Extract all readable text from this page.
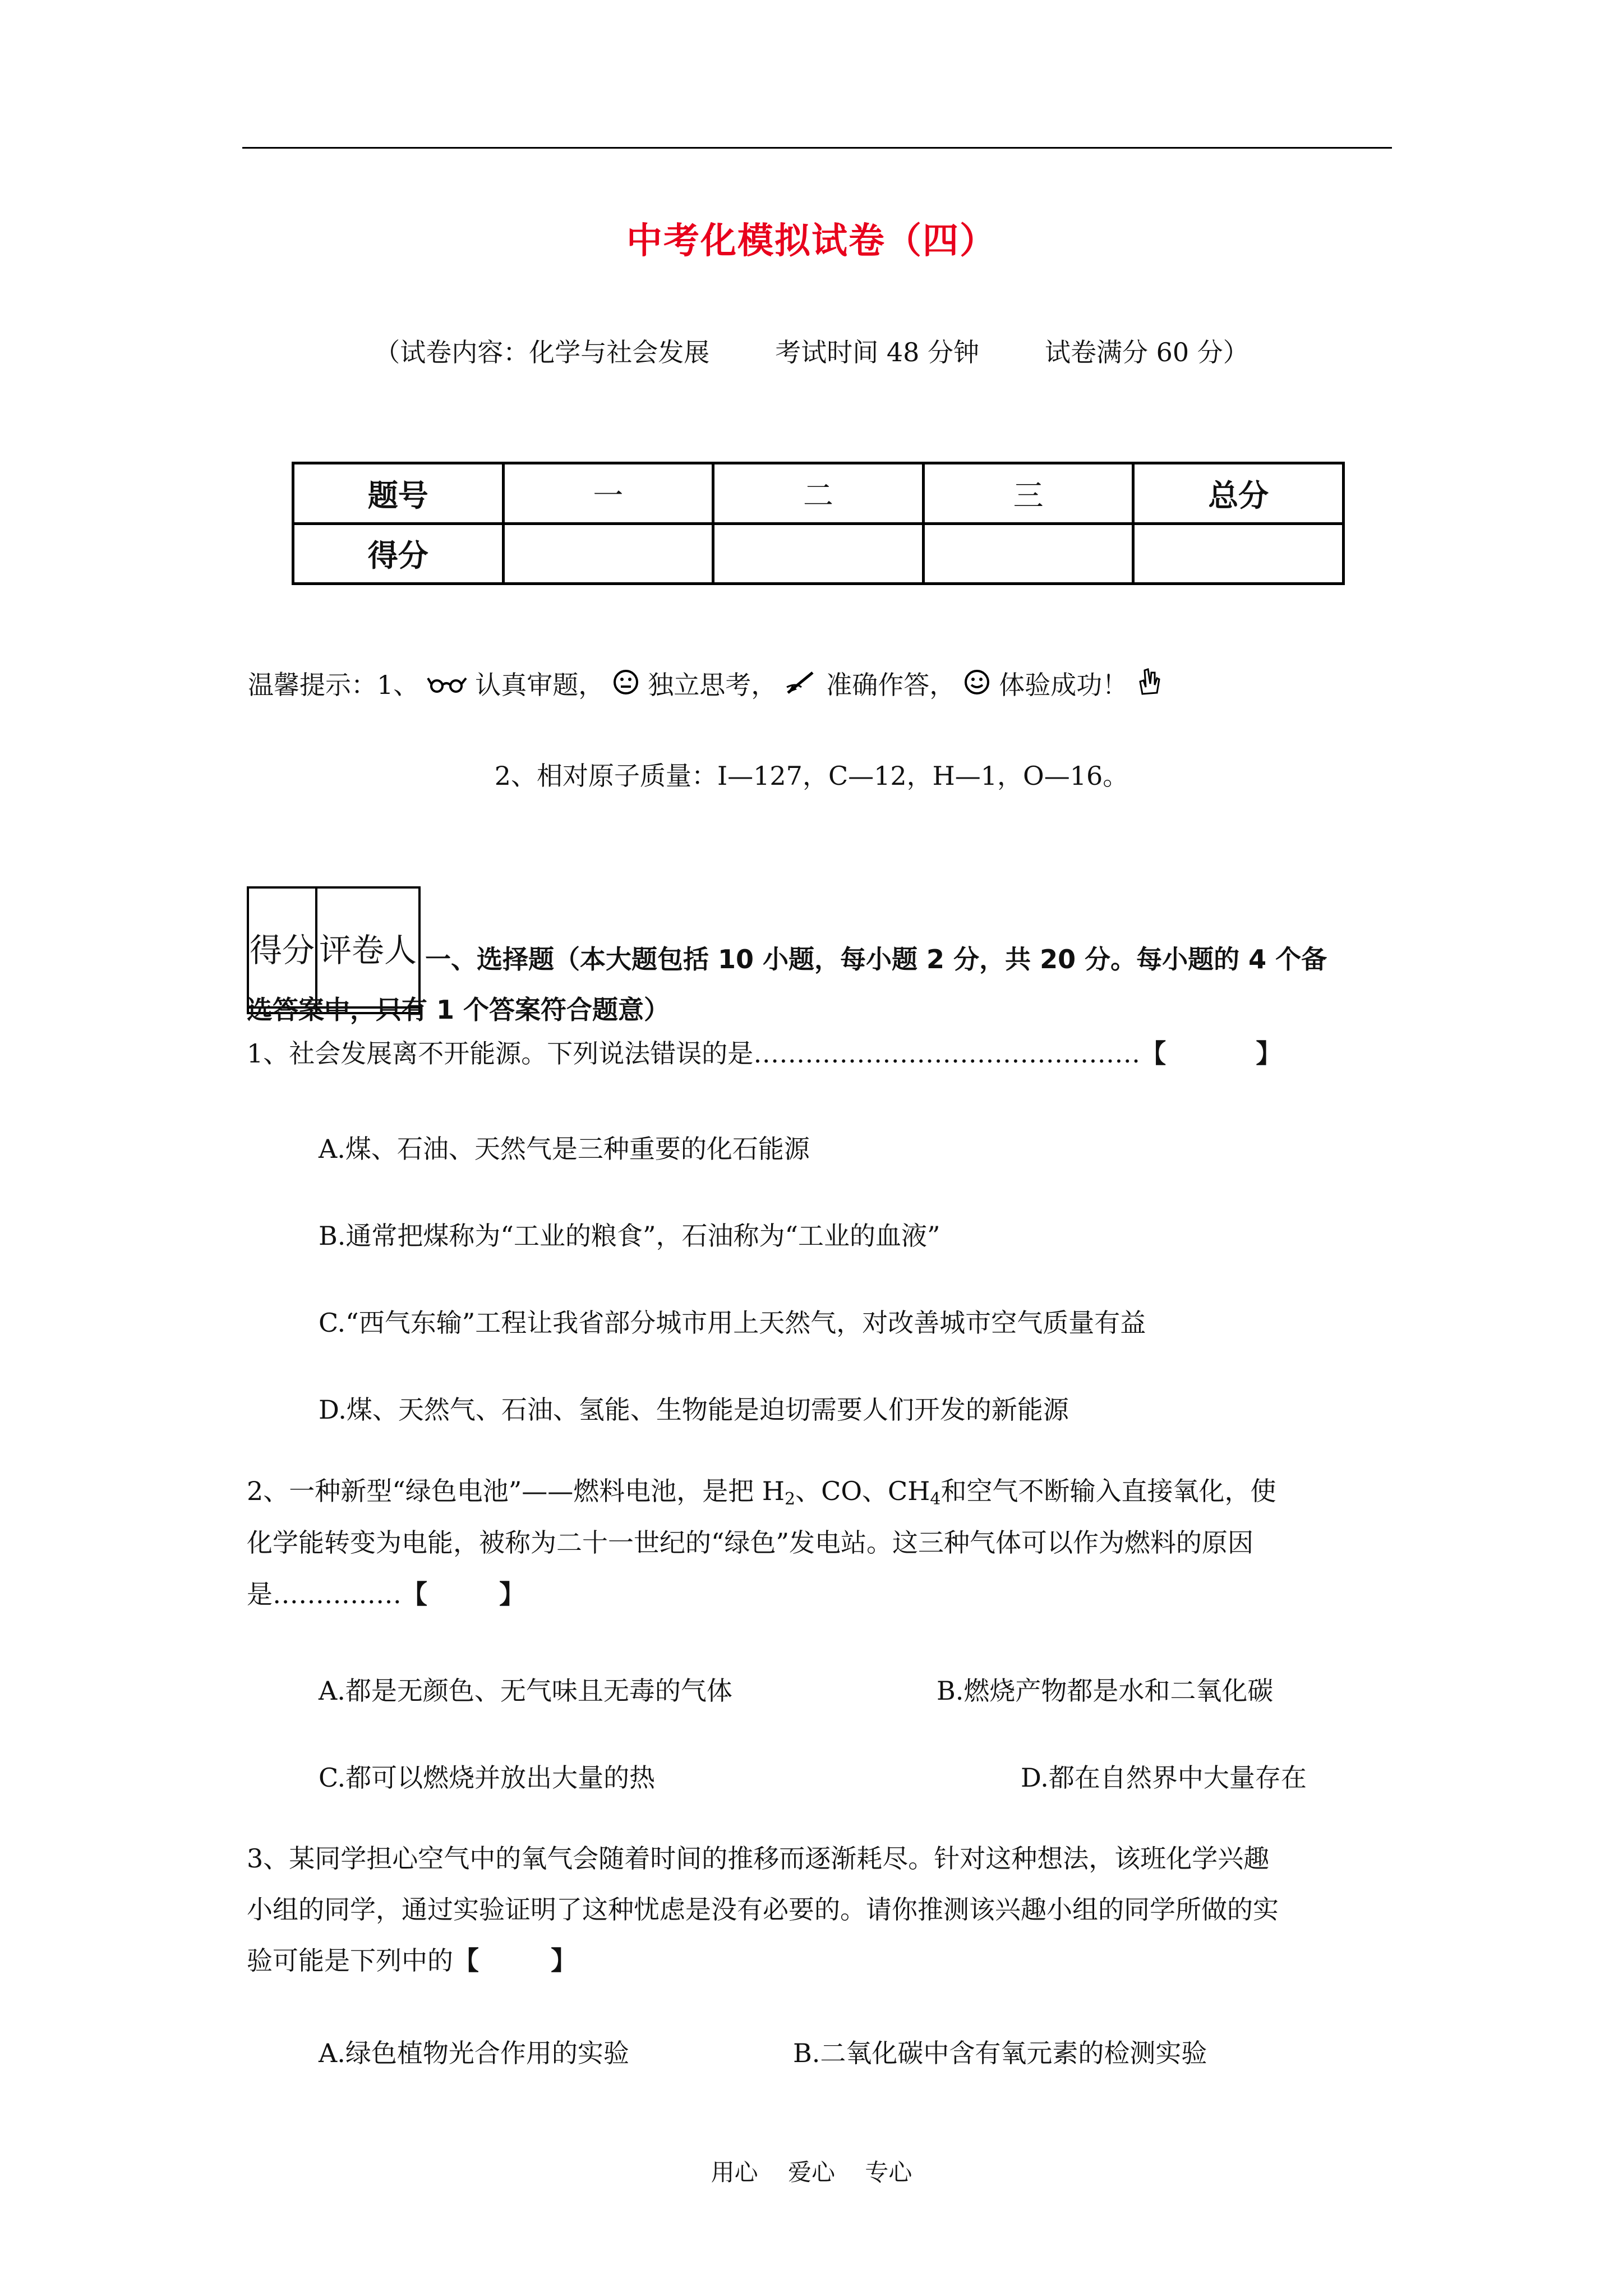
中考化模拟试卷（四）
（试卷内容：化学与社会发展        考试时间 48 分钟        试卷满分 60 分）
题号	一	二	三	总分
得分				
温馨提示：1、 认真审题， 独立思考， 准确作答， 体验成功！
2、相对原子质量：I—127，C—12，H—1，O—16。
得分	评卷人
	一、选择题（本大题包括 10 小题，每小题 2 分，共 20 分。每小题的 4 个备
选答案中，只有 1 个答案符合题意）
1、社会发展离不开能源。下列说法错误的是………………………………………【          】
A.煤、石油、天然气是三种重要的化石能源
B.通常把煤称为“工业的粮食”，石油称为“工业的血液”
C.“西气东输”工程让我省部分城市用上天然气，对改善城市空气质量有益
D.煤、天然气、石油、氢能、生物能是迫切需要人们开发的新能源
2、一种新型“绿色电池”——燃料电池，是把 $H_2$、CO、$CH_4$和空气不断输入直接氧化，使
化学能转变为电能，被称为二十一世纪的“绿色”发电站。这三种气体可以作为燃料的原因
是……………【        】
A.都是无颜色、无气味且无毒的气体	B.燃烧产物都是水和二氧化碳
C.都可以燃烧并放出大量的热	D.都在自然界中大量存在
3、某同学担心空气中的氧气会随着时间的推移而逐渐耗尽。针对这种想法，该班化学兴趣
小组的同学，通过实验证明了这种忧虑是没有必要的。请你推测该兴趣小组的同学所做的实
验可能是下列中的【        】
A.绿色植物光合作用的实验	B.二氧化碳中含有氧元素的检测实验
用心    爱心    专心
